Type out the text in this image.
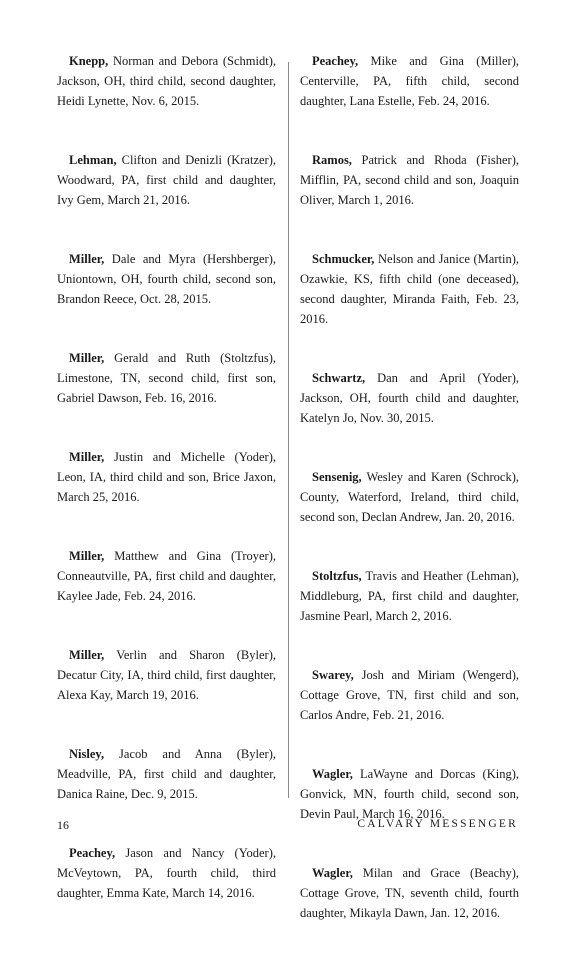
Knepp, Norman and Debora (Schmidt), Jackson, OH, third child, second daughter, Heidi Lynette, Nov. 6, 2015.

Lehman, Clifton and Denizli (Kratzer), Woodward, PA, first child and daughter, Ivy Gem, March 21, 2016.

Miller, Dale and Myra (Hershberger), Uniontown, OH, fourth child, second son, Brandon Reece, Oct. 28, 2015.

Miller, Gerald and Ruth (Stoltzfus), Limestone, TN, second child, first son, Gabriel Dawson, Feb. 16, 2016.

Miller, Justin and Michelle (Yoder), Leon, IA, third child and son, Brice Jaxon, March 25, 2016.

Miller, Matthew and Gina (Troyer), Conneautville, PA, first child and daughter, Kaylee Jade, Feb. 24, 2016.

Miller, Verlin and Sharon (Byler), Decatur City, IA, third child, first daughter, Alexa Kay, March 19, 2016.

Nisley, Jacob and Anna (Byler), Meadville, PA, first child and daughter, Danica Raine, Dec. 9, 2015.

Peachey, Jason and Nancy (Yoder), McVeytown, PA, fourth child, third daughter, Emma Kate, March 14, 2016.

Peachey, Mike and Gina (Miller), Centerville, PA, fifth child, second daughter, Lana Estelle, Feb. 24, 2016.

Ramos, Patrick and Rhoda (Fisher), Mifflin, PA, second child and son, Joaquin Oliver, March 1, 2016.

Schmucker, Nelson and Janice (Martin), Ozawkie, KS, fifth child (one deceased), second daughter, Miranda Faith, Feb. 23, 2016.

Schwartz, Dan and April (Yoder), Jackson, OH, fourth child and daughter, Katelyn Jo, Nov. 30, 2015.

Sensenig, Wesley and Karen (Schrock), County, Waterford, Ireland, third child, second son, Declan Andrew, Jan. 20, 2016.

Stoltzfus, Travis and Heather (Lehman), Middleburg, PA, first child and daughter, Jasmine Pearl, March 2, 2016.

Swarey, Josh and Miriam (Wengerd), Cottage Grove, TN, first child and son, Carlos Andre, Feb. 21, 2016.

Wagler, LaWayne and Dorcas (King), Gonvick, MN, fourth child, second son, Devin Paul, March 16, 2016.

Wagler, Milan and Grace (Beachy), Cottage Grove, TN, seventh child, fourth daughter, Mikayla Dawn, Jan. 12, 2016.

16	CALVARY MESSENGER
